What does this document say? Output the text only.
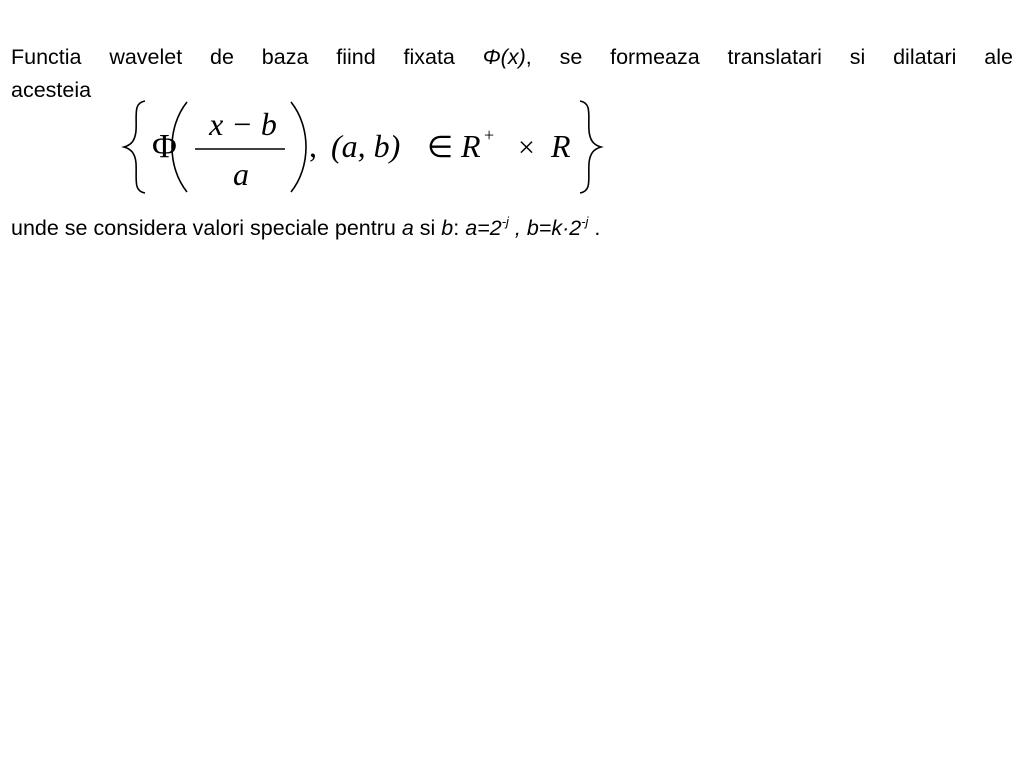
Functia wavelet de baza fiind fixata Φ(x), se formeaza translatari si dilatari ale
acesteia
Φ
x − b
a
, (a, b) ∈ R + × R
unde se considera valori speciale pentru a si b: $a=2^{-j}$ , $b=k\cdot 2^{-j}$ .
